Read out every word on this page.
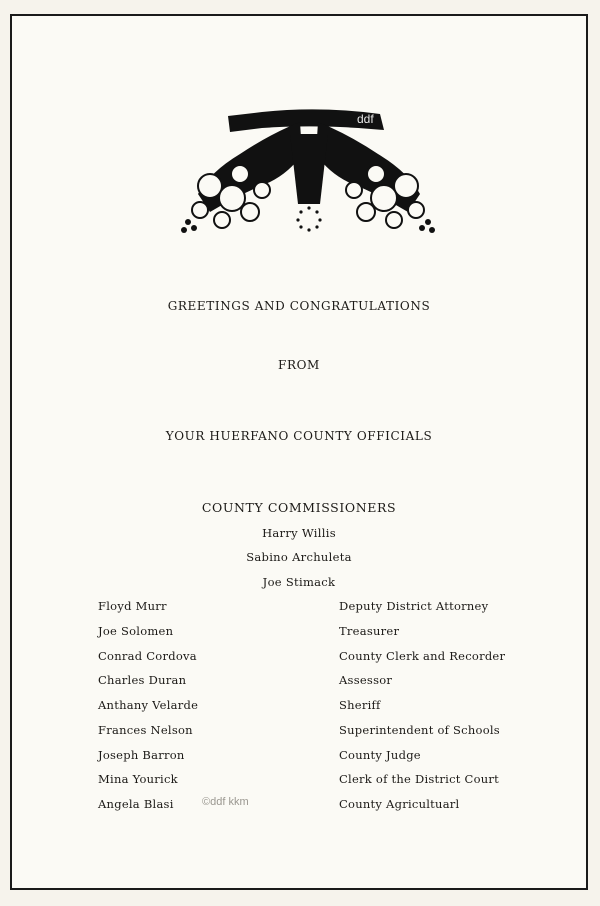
ddf
GREETINGS AND CONGRATULATIONS
FROM
YOUR HUERFANO COUNTY OFFICIALS
COUNTY COMMISSIONERS
Harry Willis
Sabino Archuleta
Joe Stimack
Floyd Murr	Deputy District Attorney
Joe Solomen	Treasurer
Conrad Cordova	County Clerk and Recorder
Charles Duran	Assessor
Anthany Velarde	Sheriff
Frances Nelson	Superintendent of Schools
Joseph Barron	County Judge
Mina Yourick	Clerk of the District Court
Angela Blasi	County Agricultuarl
©ddf kkm
